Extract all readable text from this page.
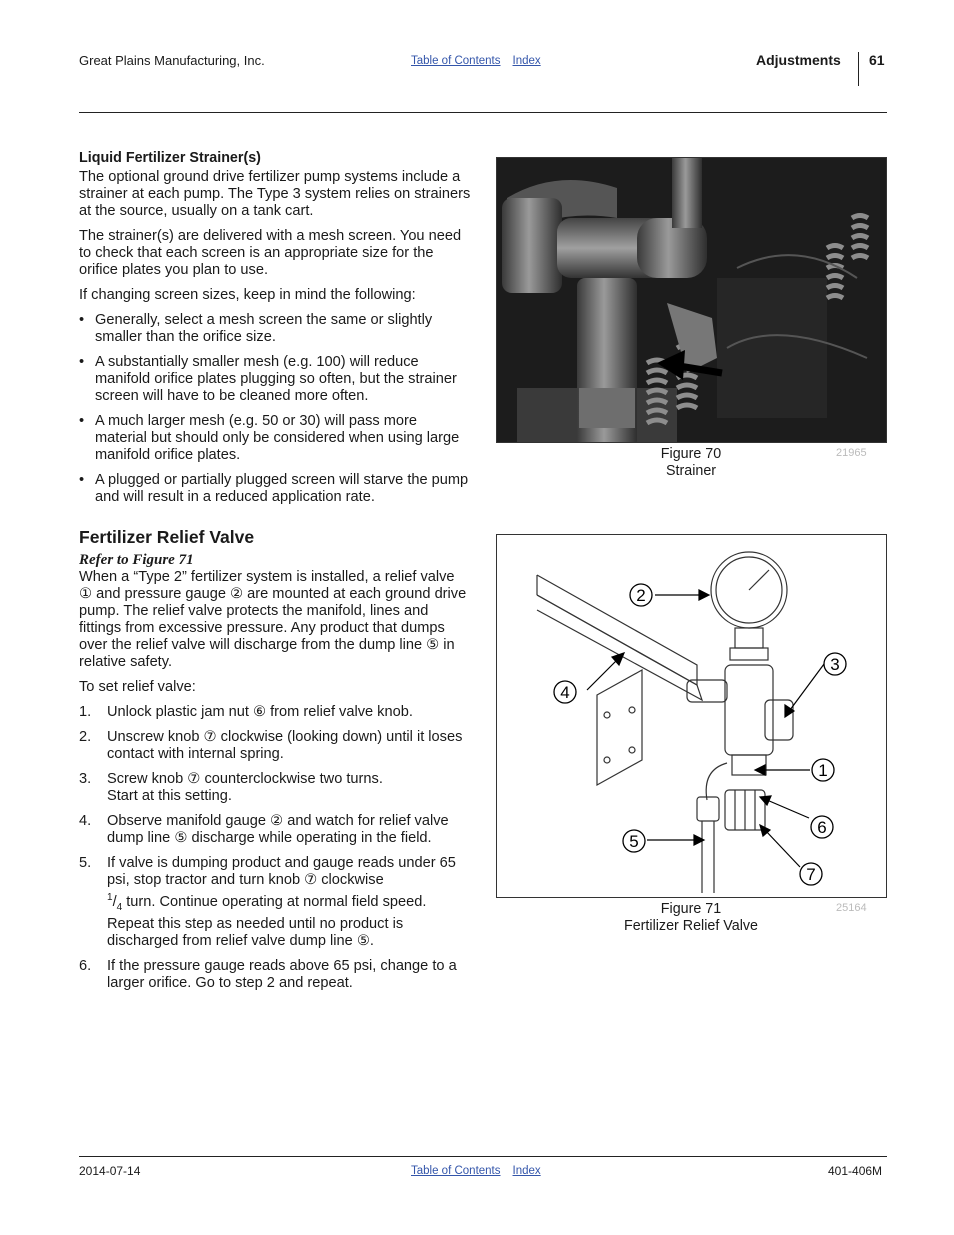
Great Plains Manufacturing, Inc.	Table of Contents Index	Adjustments 61
Liquid Fertilizer Strainer(s)

The optional ground drive fertilizer pump systems include a strainer at each pump. The Type 3 system relies on strainers at the source, usually on a tank cart.

The strainer(s) are delivered with a mesh screen. You need to check that each screen is an appropriate size for the orifice plates you plan to use.

If changing screen sizes, keep in mind the following:

• Generally, select a mesh screen the same or slightly smaller than the orifice size.
• A substantially smaller mesh (e.g. 100) will reduce manifold orifice plates plugging so often, but the strainer screen will have to be cleaned more often.
• A much larger mesh (e.g. 50 or 30) will pass more material but should only be considered when using large manifold orifice plates.
• A plugged or partially plugged screen will starve the pump and will result in a reduced application rate.
Fertilizer Relief Valve
Refer to Figure 71

When a “Type 2” fertilizer system is installed, a relief valve ① and pressure gauge ② are mounted at each ground drive pump. The relief valve protects the manifold, lines and fittings from excessive pressure. Any product that dumps over the relief valve will discharge from the dump line ⑤ in relative safety.

To set relief valve:

1. Unlock plastic jam nut ⑥ from relief valve knob.
2. Unscrew knob ⑦ clockwise (looking down) until it loses contact with internal spring.
3. Screw knob ⑦ counterclockwise two turns.
Start at this setting.
4. Observe manifold gauge ② and watch for relief valve dump line ⑤ discharge while operating in the field.
5. If valve is dumping product and gauge reads under 65 psi, stop tractor and turn knob ⑦ clockwise
$^1/_4$ turn. Continue operating at normal field speed. Repeat this step as needed until no product is discharged from relief valve dump line ⑤.
6. If the pressure gauge reads above 65 psi, change to a larger orifice. Go to step 2 and repeat.
Figure 70
Strainer
21965
1
2
3
4
5
6
7
Figure 71
Fertilizer Relief Valve
25164
2014-07-14	Table of Contents Index	401-406M
